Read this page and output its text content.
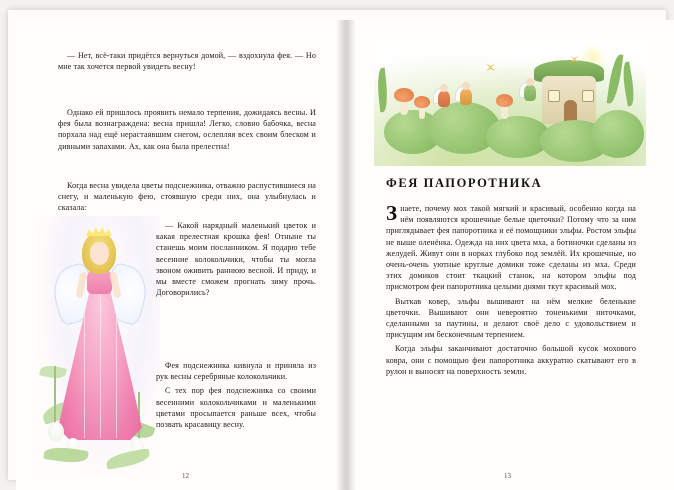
— Нет, всё-таки придётся вернуться домой, — вздохнула фея. — Но мне так хочется первой увидеть весну!

Однако ей пришлось проявить немало терпения, дожидаясь весны. И фея была вознаграждена: весна пришла! Легко, словно бабочка, весна порхала над ещё нерастаявшим снегом, ослепляя всех своим блеском и дивными запахами. Ах, как она была прелестна!

Когда весна увидела цветы подснежника, отважно распустившиеся на снегу, и маленькую фею, стоявшую среди них, она улыбнулась и сказала:

— Какой нарядный маленький цветок и какая прелестная крошка фея! Отныне ты станешь моим посланником. Я подарю тебе весенние колокольчики, чтобы ты могла звоном оживить раннюю весной. И приду, и мы вместе сможем прогнать зиму прочь. Договорились?

Фея подснежника кивнула и приняла из рук весны серебряные колокольчики.

С тех пор фея подснежника со своими весенними колокольчиками и маленькими цветами просыпается раньше всех, чтобы позвать красавицу весну.

12
ФЕЯ ПАПОРОТНИКА

Знаете, почему мох такой мягкий и красивый, особенно когда на нём появляются крошечные белые цветочки? Потому что за ним приглядывает фея папоротника и её помощники эльфы. Ростом эльфы не выше оленёнка. Одежда на них цвета мха, а ботиночки сделаны из желудей. Живут они в норках глубоко под землёй. Их крошечные, но очень-очень уютные круглые домики тоже сделаны из мха. Среди этих домиков стоит ткацкий станок, на котором эльфы под присмотром феи папоротника целыми днями ткут красивый мох.

Выткав ковер, эльфы вышивают на нём мелкие беленькие цветочки. Вышивают они невероятно тоненькими ниточками, сделанными за паутины, и делают своё дело с удовольствием и присущим им бесконечным терпением.

Когда эльфы заканчивают достаточно большой кусок мохового ковра, они с помощью феи папоротника аккуратно скатывают его в рулон и выносят на поверхность земли.

13
